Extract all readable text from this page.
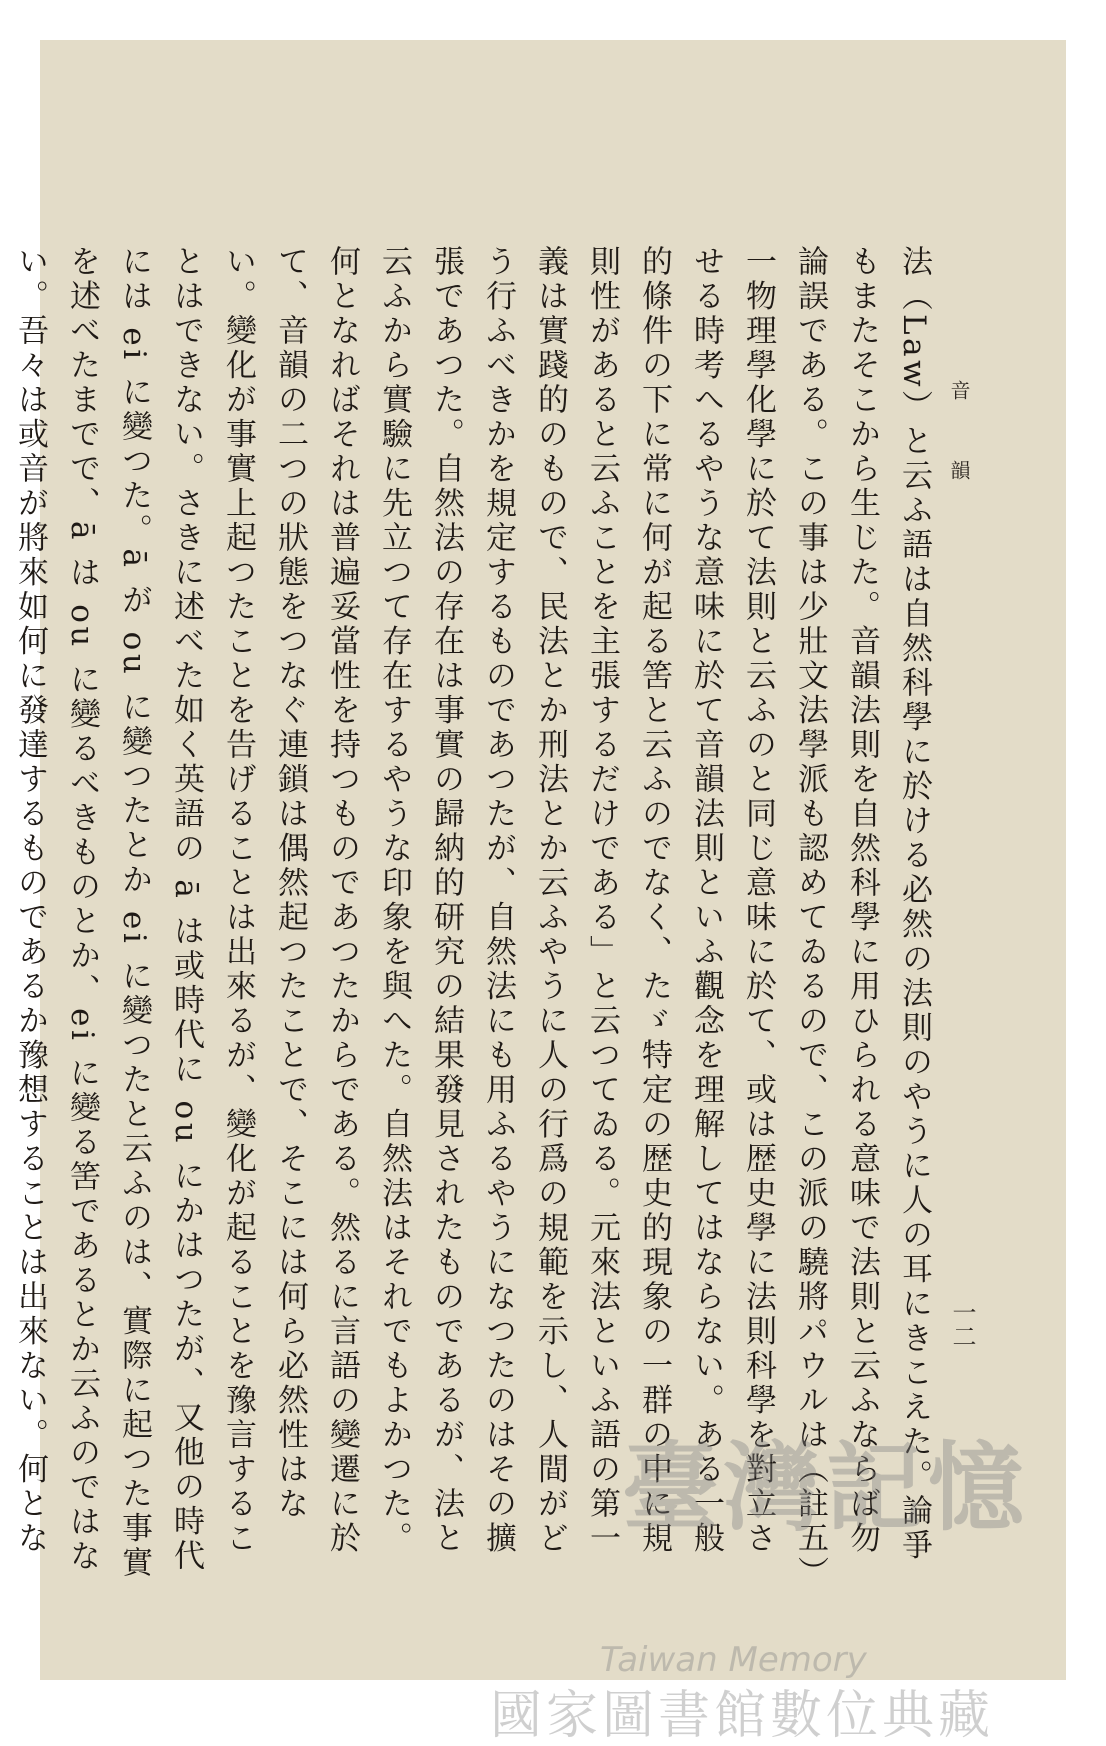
音韻
一二

法（Law）と云ふ語は自然科學に於ける必然の法則のやうに人の耳にきこえた。論爭もまたそこから生じた。音韻法則を自然科學に用ひられる意味で法則と云ふならば勿論誤である。この事は少壯文法學派も認めてゐるので、この派の驍將パウルは（註五）一物理學化學に於て法則と云ふのと同じ意味に於て、或は歴史學に法則科學を對立させる時考へるやうな意味に於て音韻法則といふ觀念を理解してはならない。ある一般的條件の下に常に何が起る筈と云ふのでなく、たゞ特定の歴史的現象の一群の中に規則性があると云ふことを主張するだけである」と云つてゐる。元來法といふ語の第一義は實踐的のもので、民法とか刑法とか云ふやうに人の行爲の規範を示し、人間がどう行ふべきかを規定するものであつたが、自然法にも用ふるやうになつたのはその擴張であつた。自然法の存在は事實の歸納的研究の結果發見されたものであるが、法と云ふから實驗に先立つて存在するやうな印象を與へた。自然法はそれでもよかつた。何となればそれは普遍妥當性を持つものであつたからである。然るに言語の變遷に於て、音韻の二つの狀態をつなぐ連鎖は偶然起つたことで、そこには何ら必然性はない。變化が事實上起つたことを告げることは出來るが、變化が起ることを豫言することはできない。さきに述べた如く英語の ā は或時代に ou にかはつたが、又他の時代には ei に變つた。ā が ou に變つたとか ei に變つたと云ふのは、實際に起つた事實を述べたまでで、ā は ou に變るべきものとか、ei に變る筈であるとか云ふのではない。吾々は或音が將來如何に發達するものであるか豫想することは出來ない。何とな	臺灣記憶
Taiwan Memory
國家圖書館數位典藏
